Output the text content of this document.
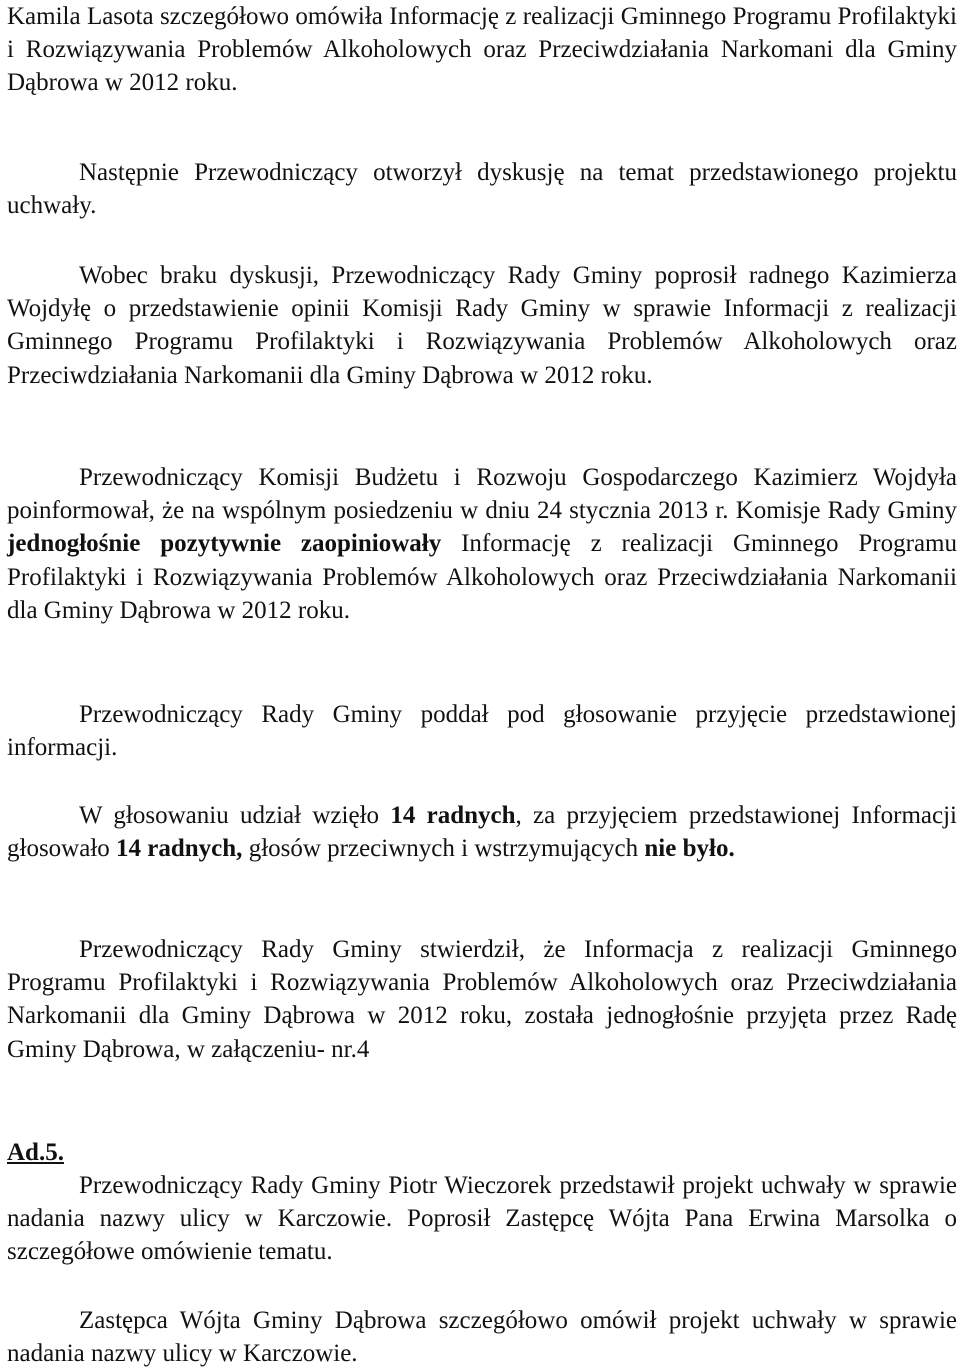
Kamila Lasota szczegółowo omówiła Informację z realizacji Gminnego Programu Profilaktyki i Rozwiązywania Problemów Alkoholowych oraz Przeciwdziałania Narkomani dla Gminy Dąbrowa w 2012 roku.

Następnie Przewodniczący otworzył dyskusję na temat przedstawionego projektu uchwały.

Wobec braku dyskusji, Przewodniczący Rady Gminy poprosił radnego Kazimierza Wojdyłę o przedstawienie opinii Komisji Rady Gminy w sprawie Informacji z realizacji Gminnego Programu Profilaktyki i Rozwiązywania Problemów Alkoholowych oraz Przeciwdziałania Narkomanii dla Gminy Dąbrowa w 2012 roku.

Przewodniczący Komisji Budżetu i Rozwoju Gospodarczego Kazimierz Wojdyła poinformował, że na wspólnym posiedzeniu w dniu 24 stycznia 2013 r. Komisje Rady Gminy jednogłośnie pozytywnie zaopiniowały Informację z realizacji Gminnego Programu Profilaktyki i Rozwiązywania Problemów Alkoholowych oraz Przeciwdziałania Narkomanii dla Gminy Dąbrowa w 2012 roku.

Przewodniczący Rady Gminy poddał pod głosowanie przyjęcie przedstawionej informacji.

W głosowaniu udział wzięło 14 radnych, za przyjęciem przedstawionej Informacji głosowało 14 radnych, głosów przeciwnych i wstrzymujących nie było.

Przewodniczący Rady Gminy stwierdził, że Informacja z realizacji Gminnego Programu Profilaktyki i Rozwiązywania Problemów Alkoholowych oraz Przeciwdziałania Narkomanii dla Gminy Dąbrowa w 2012 roku, została jednogłośnie przyjęta przez Radę Gminy Dąbrowa, w załączeniu- nr.4

Ad.5.

Przewodniczący Rady Gminy Piotr Wieczorek przedstawił projekt uchwały w sprawie nadania nazwy ulicy w Karczowie. Poprosił Zastępcę Wójta Pana Erwina Marsolka o szczegółowe omówienie tematu.

Zastępca Wójta Gminy Dąbrowa szczegółowo omówił projekt uchwały w sprawie nadania nazwy ulicy w Karczowie.
